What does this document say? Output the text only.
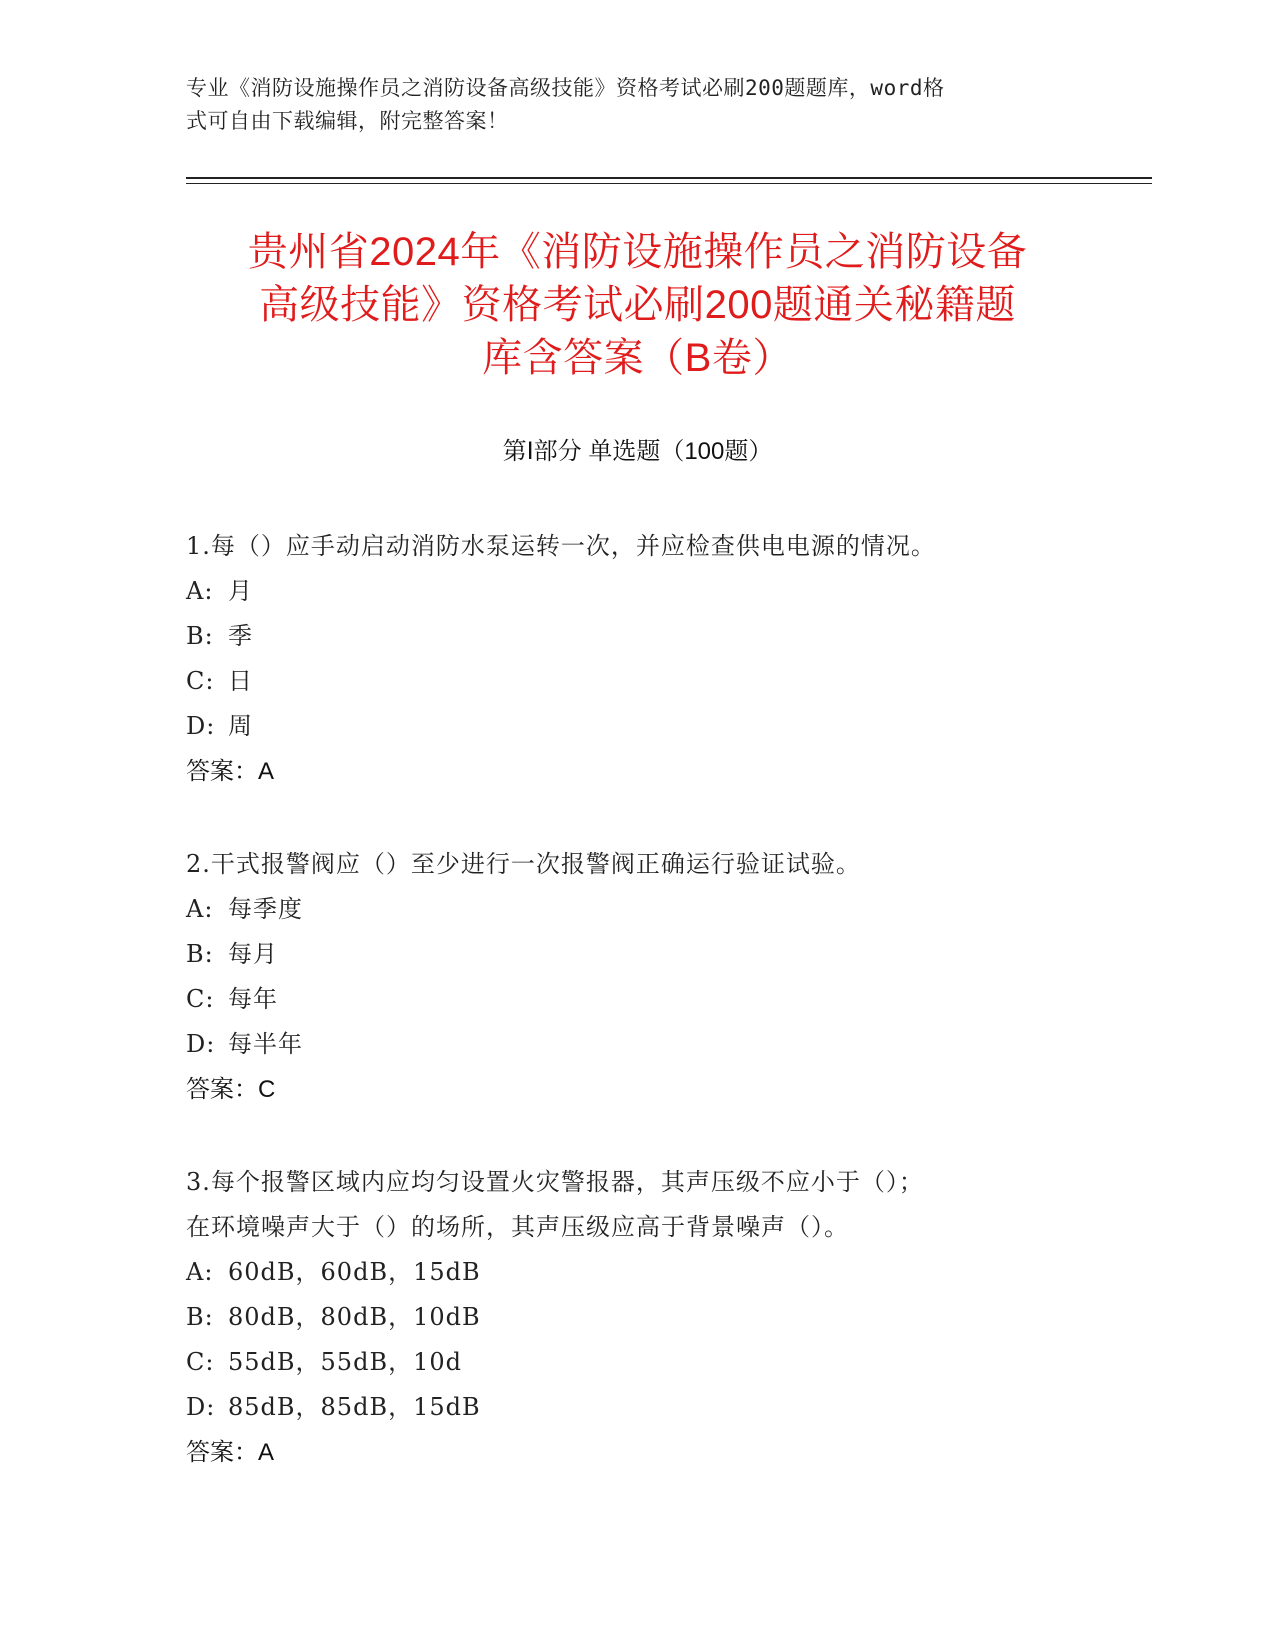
专业《消防设施操作员之消防设备高级技能》资格考试必刷200题题库，word格
式可自由下载编辑，附完整答案！
贵州省2024年《消防设施操作员之消防设备
高级技能》资格考试必刷200题通关秘籍题
库含答案（B卷）
第Ⅰ部分 单选题（100题）
1.每（）应手动启动消防水泵运转一次，并应检查供电电源的情况。
A: 月
B: 季
C: 日
D: 周
答案：A
2.干式报警阀应（）至少进行一次报警阀正确运行验证试验。
A: 每季度
B: 每月
C: 每年
D: 每半年
答案：C
3.每个报警区域内应均匀设置火灾警报器，其声压级不应小于（）；
在环境噪声大于（）的场所，其声压级应高于背景噪声（）。
A: 60dB，60dB，15dB
B: 80dB，80dB，10dB
C: 55dB，55dB，10d
D: 85dB，85dB，15dB
答案：A
